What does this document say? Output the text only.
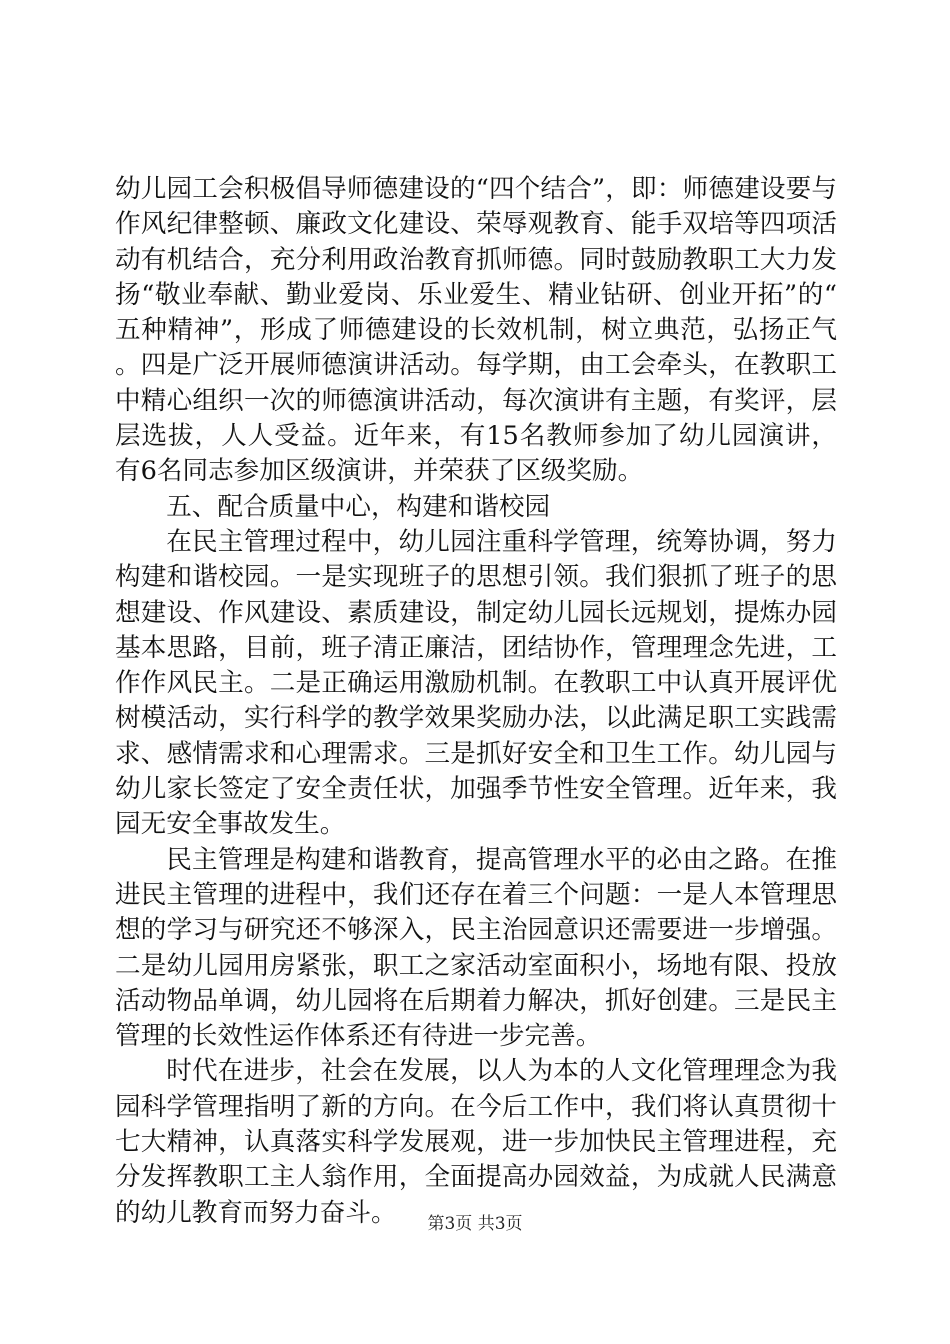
幼儿园工会积极倡导师德建设的“四个结合”，即：师德建设要与作风纪律整顿、廉政文化建设、荣辱观教育、能手双培等四项活动有机结合，充分利用政治教育抓师德。同时鼓励教职工大力发扬“敬业奉献、勤业爱岗、乐业爱生、精业钻研、创业开拓”的“五种精神”，形成了师德建设的长效机制，树立典范，弘扬正气。四是广泛开展师德演讲活动。每学期，由工会牵头，在教职工中精心组织一次的师德演讲活动，每次演讲有主题，有奖评，层层选拔，人人受益。近年来，有15名教师参加了幼儿园演讲，有6名同志参加区级演讲，并荣获了区级奖励。

五、配合质量中心，构建和谐校园

在民主管理过程中，幼儿园注重科学管理，统筹协调，努力构建和谐校园。一是实现班子的思想引领。我们狠抓了班子的思想建设、作风建设、素质建设，制定幼儿园长远规划，提炼办园基本思路，目前，班子清正廉洁，团结协作，管理理念先进，工作作风民主。二是正确运用激励机制。在教职工中认真开展评优树模活动，实行科学的教学效果奖励办法，以此满足职工实践需求、感情需求和心理需求。三是抓好安全和卫生工作。幼儿园与幼儿家长签定了安全责任状，加强季节性安全管理。近年来，我园无安全事故发生。

民主管理是构建和谐教育，提高管理水平的必由之路。在推进民主管理的进程中，我们还存在着三个问题：一是人本管理思想的学习与研究还不够深入，民主治园意识还需要进一步增强。二是幼儿园用房紧张，职工之家活动室面积小，场地有限、投放活动物品单调，幼儿园将在后期着力解决，抓好创建。三是民主管理的长效性运作体系还有待进一步完善。

时代在进步，社会在发展，以人为本的人文化管理理念为我园科学管理指明了新的方向。在今后工作中，我们将认真贯彻十七大精神，认真落实科学发展观，进一步加快民主管理进程，充分发挥教职工主人翁作用，全面提高办园效益，为成就人民满意的幼儿教育而努力奋斗。	第3页 共3页
